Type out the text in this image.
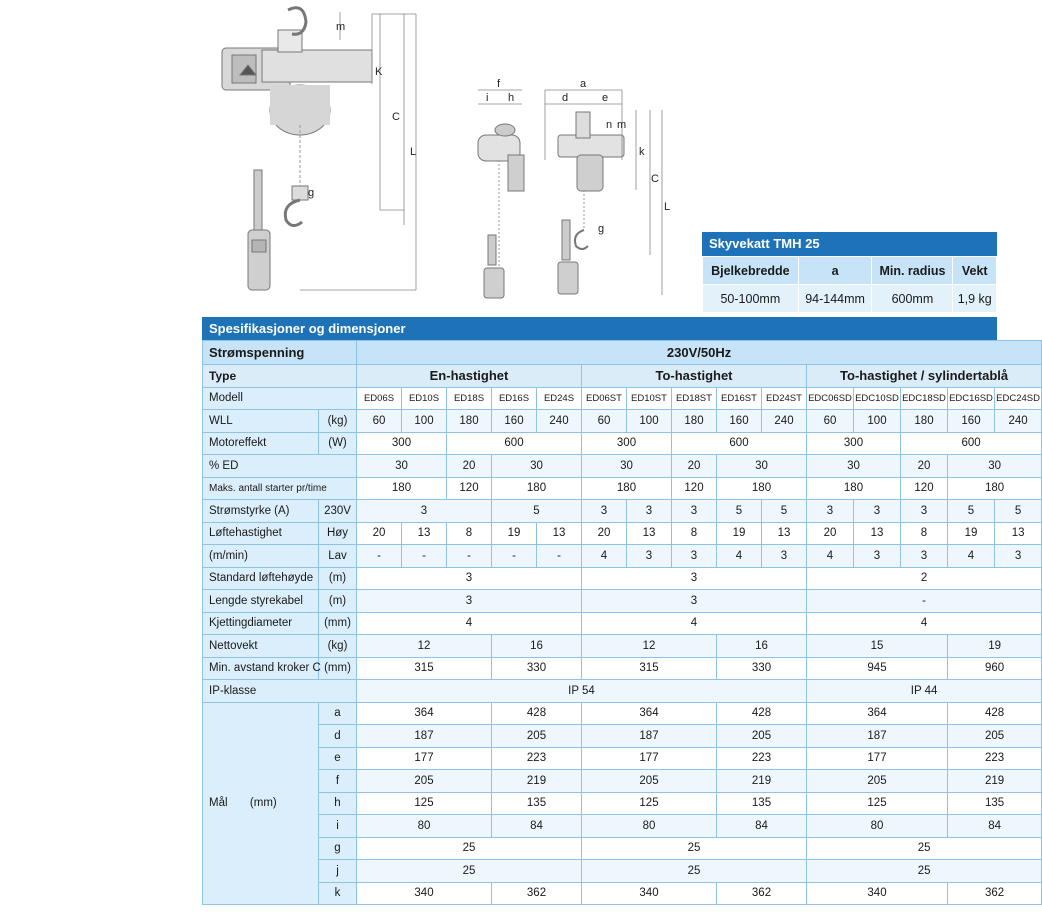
m
K
C
L
g
f
i h
a
d	e
n m
k
C
L
g
Skyvekatt TMH 25
Bjelkebredde	a	Min. radius	Vekt
50-100mm	94-144mm	600mm	1,9 kg
Spesifikasjoner og dimensjoner
Strømspenning		230V/50Hz														
Type		En-hastighet					To-hastighet					To-hastighet / sylindertablå				
Modell		ED06S	ED10S	ED18S	ED16S	ED24S	ED06ST	ED10ST	ED18ST	ED16ST	ED24ST	EDC06SD	EDC10SD	EDC18SD	EDC16SD	EDC24SD
WLL	(kg)	60	100	180	160	240	60	100	180	160	240	60	100	180	160	240
Motoreffekt	(W)	300		600			300		600			300		600		
% ED		30		20	30		30		20	30		30		20	30	
Maks. antall starter pr/time		180		120	180		180		120	180		180		120	180	
Strømstyrke (A)	230V	3			5		3	3	3	5	5	3	3	3	5	5
Løftehastighet	Høy	20	13	8	19	13	20	13	8	19	13	20	13	8	19	13
(m/min)	Lav	-	-	-	-	-	4	3	3	4	3	4	3	3	4	3
Standard løftehøyde	(m)	3					3					2				
Lengde styrekabel	(m)	3					3					-				
Kjettingdiameter	(mm)	4					4					4				
Nettovekt	(kg)	12			16		12			16		15			19	
Min. avstand kroker C	(mm)	315			330		315			330		945			960	
IP-klasse		IP 54										IP 44				
Mål (mm)	a	364			428		364			428		364			428	
	d	187			205		187			205		187			205	
	e	177			223		177			223		177			223	
	f	205			219		205			219		205			219	
	h	125			135		125			135		125			135	
	i	80			84		80			84		80			84	
	g	25					25					25				
	j	25					25					25				
	k	340			362		340			362		340			362	
